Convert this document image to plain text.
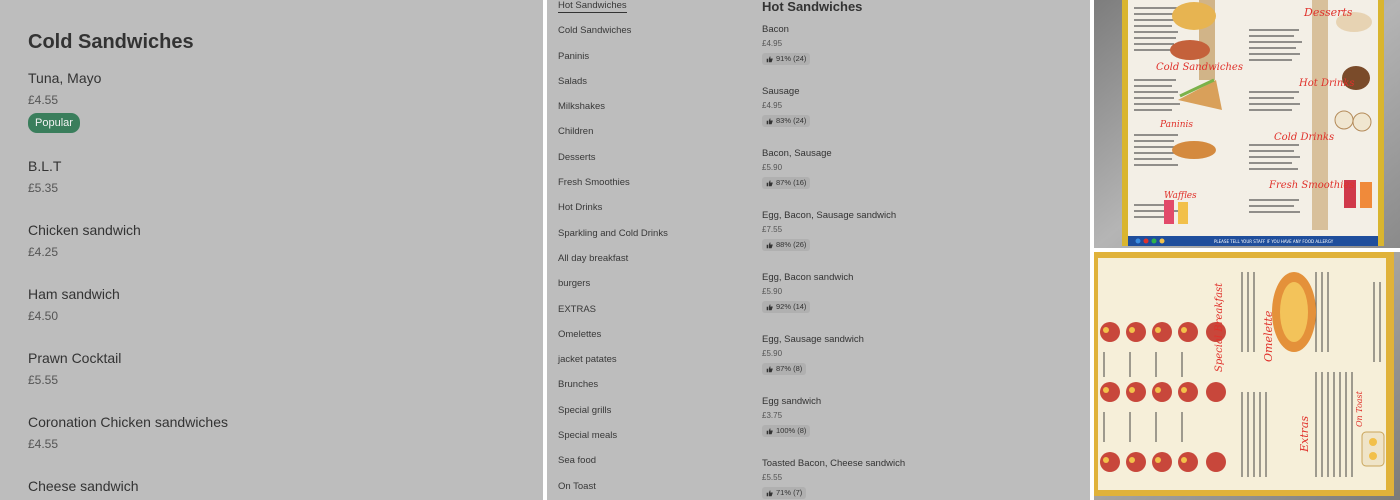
Cold Sandwiches
Tuna, Mayo
£4.55
Popular
B.L.T
£5.35
Chicken sandwich
£4.25
Ham sandwich
£4.50
Prawn Cocktail
£5.55
Coronation Chicken sandwiches
£4.55
Cheese sandwich
Hot Sandwiches
Cold Sandwiches
Paninis
Salads
Milkshakes
Children
Desserts
Fresh Smoothies
Hot Drinks
Sparkling and Cold Drinks
All day breakfast
burgers
EXTRAS
Omelettes
jacket patates
Brunches
Special grills
Special meals
Sea food
On Toast
Hot Sandwiches
Bacon
£4.95
91% (24)
Sausage
£4.95
83% (24)
Bacon, Sausage
£5.90
87% (16)
Egg, Bacon, Sausage sandwich
£7.55
88% (26)
Egg, Bacon sandwich
£5.90
92% (14)
Egg, Sausage sandwich
£5.90
87% (8)
Egg sandwich
£3.75
100% (8)
Toasted Bacon, Cheese sandwich
£5.55
71% (7)
Desserts
Cold Sandwiches
Hot Drinks
Paninis
Cold Drinks
Waffles
Fresh Smoothies
PLEASE TELL YOUR STAFF IF YOU HAVE ANY FOOD ALLERGY
Special Breakfast	Omelette
Extras
On Toast
